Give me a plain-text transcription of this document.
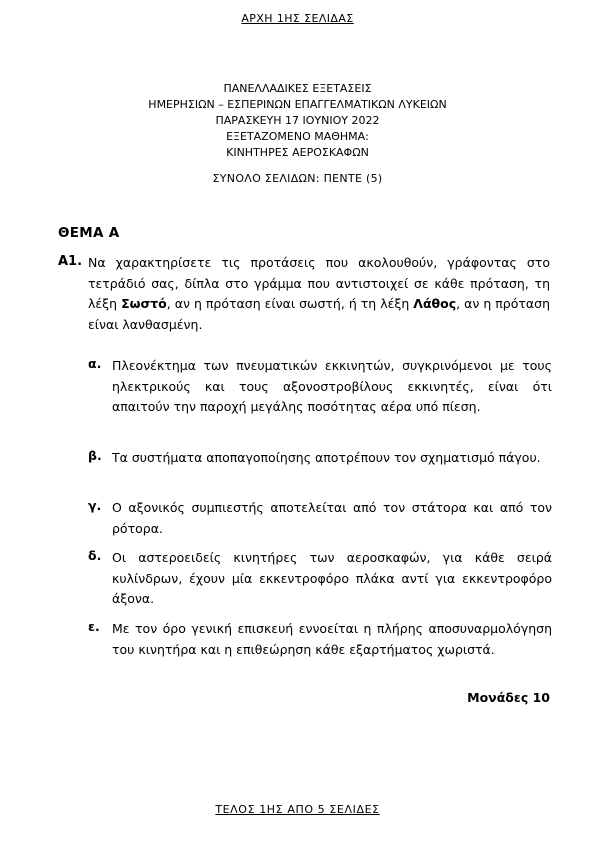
ΑΡΧΗ 1ΗΣ ΣΕΛΙΔΑΣ
ΠΑΝΕΛΛΑΔΙΚΕΣ ΕΞΕΤΑΣΕΙΣ
ΗΜΕΡΗΣΙΩΝ – ΕΣΠΕΡΙΝΩΝ ΕΠΑΓΓΕΛΜΑΤΙΚΩΝ ΛΥΚΕΙΩΝ
ΠΑΡΑΣΚΕΥΗ 17 ΙΟΥΝΙΟΥ 2022
ΕΞΕΤΑΖΟΜΕΝΟ ΜΑΘΗΜΑ:
ΚΙΝΗΤΗΡΕΣ ΑΕΡΟΣΚΑΦΩΝ
ΣΥΝΟΛΟ ΣΕΛΙΔΩΝ: ΠΕΝΤΕ (5)
ΘΕΜΑ Α
Α1. Να χαρακτηρίσετε τις προτάσεις που ακολουθούν, γράφοντας στο τετράδιό σας, δίπλα στο γράμμα που αντιστοιχεί σε κάθε πρόταση, τη λέξη Σωστό, αν η πρόταση είναι σωστή, ή τη λέξη Λάθος, αν η πρόταση είναι λανθασμένη.
α. Πλεονέκτημα των πνευματικών εκκινητών, συγκρινόμενοι με τους ηλεκτρικούς και τους αξονοστροβίλους εκκινητές, είναι ότι απαιτούν την παροχή μεγάλης ποσότητας αέρα υπό πίεση.
β. Τα συστήματα αποπαγοποίησης αποτρέπουν τον σχηματισμό πάγου.
γ. Ο αξονικός συμπιεστής αποτελείται από τον στάτορα και από τον ρότορα.
δ. Οι αστεροειδείς κινητήρες των αεροσκαφών, για κάθε σειρά κυλίνδρων, έχουν μία εκκεντροφόρο πλάκα αντί για εκκεντροφόρο άξονα.
ε. Με τον όρο γενική επισκευή εννοείται η πλήρης αποσυναρμολόγηση του κινητήρα και η επιθεώρηση κάθε εξαρτήματος χωριστά.
Μονάδες 10
ΤΕΛΟΣ 1ΗΣ ΑΠΟ 5 ΣΕΛΙΔΕΣ
